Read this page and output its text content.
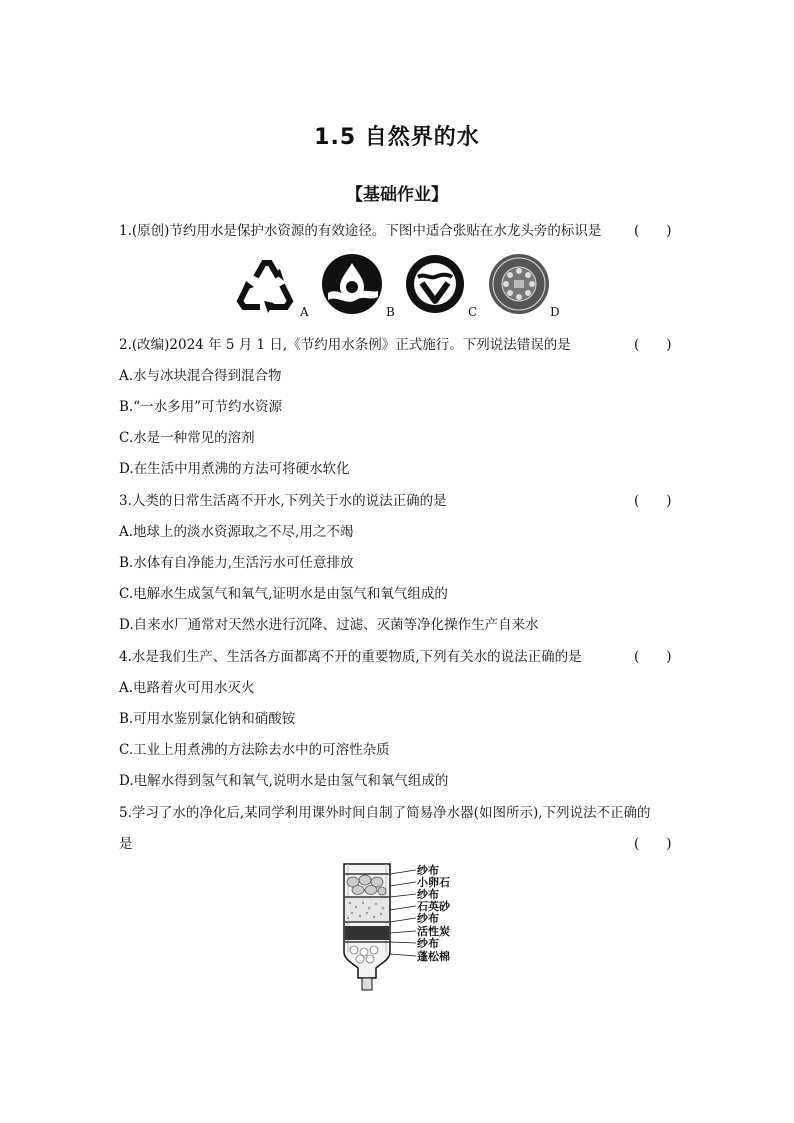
1.5 自然界的水
【基础作业】
1.(原创)节约用水是保护水资源的有效途径。下图中适合张贴在水龙头旁的标识是 (　　)
A	B	C	D
2.(改编)2024 年 5 月 1 日,《节约用水条例》正式施行。下列说法错误的是	(　　)
A.水与冰块混合得到混合物
B.“一水多用”可节约水资源
C.水是一种常见的溶剂
D.在生活中用煮沸的方法可将硬水软化
3.人类的日常生活离不开水,下列关于水的说法正确的是	(　　)
A.地球上的淡水资源取之不尽,用之不竭
B.水体有自净能力,生活污水可任意排放
C.电解水生成氢气和氧气,证明水是由氢气和氧气组成的
D.自来水厂通常对天然水进行沉降、过滤、灭菌等净化操作生产自来水
4.水是我们生产、生活各方面都离不开的重要物质,下列有关水的说法正确的是	(　　)
A.电路着火可用水灭火
B.可用水鉴别氯化钠和硝酸铵
C.工业上用煮沸的方法除去水中的可溶性杂质
D.电解水得到氢气和氧气,说明水是由氢气和氧气组成的
5.学习了水的净化后,某同学利用课外时间自制了简易净水器(如图所示),下列说法不正确的
是	(　　)
纱布
小卵石
纱布
石英砂
纱布
活性炭
纱布
蓬松棉
